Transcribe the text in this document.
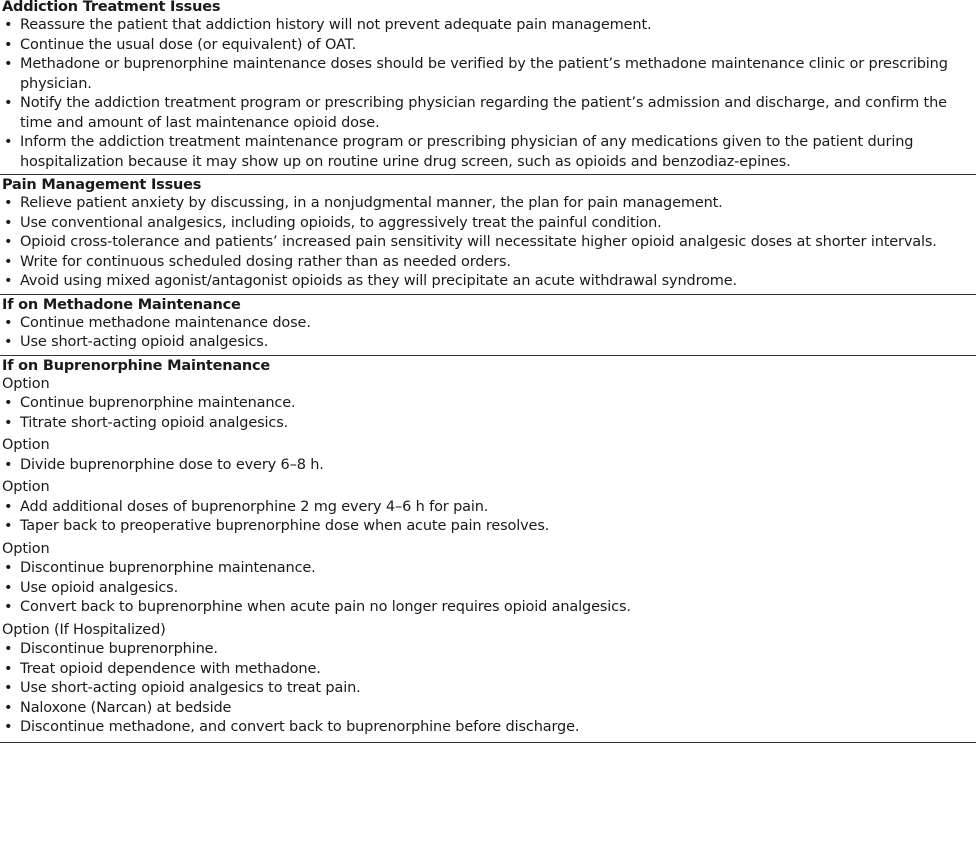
Addiction Treatment Issues
• Reassure the patient that addiction history will not prevent adequate pain management.
• Continue the usual dose (or equivalent) of OAT.
• Methadone or buprenorphine maintenance doses should be verified by the patient’s methadone maintenance clinic or prescribing physician.
• Notify the addiction treatment program or prescribing physician regarding the patient’s admission and discharge, and confirm the time and amount of last maintenance opioid dose.
• Inform the addiction treatment maintenance program or prescribing physician of any medications given to the patient during hospitalization because it may show up on routine urine drug screen, such as opioids and benzodiaz-epines.
Pain Management Issues
• Relieve patient anxiety by discussing, in a nonjudgmental manner, the plan for pain management.
• Use conventional analgesics, including opioids, to aggressively treat the painful condition.
• Opioid cross-tolerance and patients’ increased pain sensitivity will necessitate higher opioid analgesic doses at shorter intervals.
• Write for continuous scheduled dosing rather than as needed orders.
• Avoid using mixed agonist/antagonist opioids as they will precipitate an acute withdrawal syndrome.
If on Methadone Maintenance
• Continue methadone maintenance dose.
• Use short-acting opioid analgesics.
If on Buprenorphine Maintenance
Option
• Continue buprenorphine maintenance.
• Titrate short-acting opioid analgesics.
Option
• Divide buprenorphine dose to every 6–8 h.
Option
• Add additional doses of buprenorphine 2 mg every 4–6 h for pain.
• Taper back to preoperative buprenorphine dose when acute pain resolves.
Option
• Discontinue buprenorphine maintenance.
• Use opioid analgesics.
• Convert back to buprenorphine when acute pain no longer requires opioid analgesics.
Option (If Hospitalized)
• Discontinue buprenorphine.
• Treat opioid dependence with methadone.
• Use short-acting opioid analgesics to treat pain.
• Naloxone (Narcan) at bedside
• Discontinue methadone, and convert back to buprenorphine before discharge.
